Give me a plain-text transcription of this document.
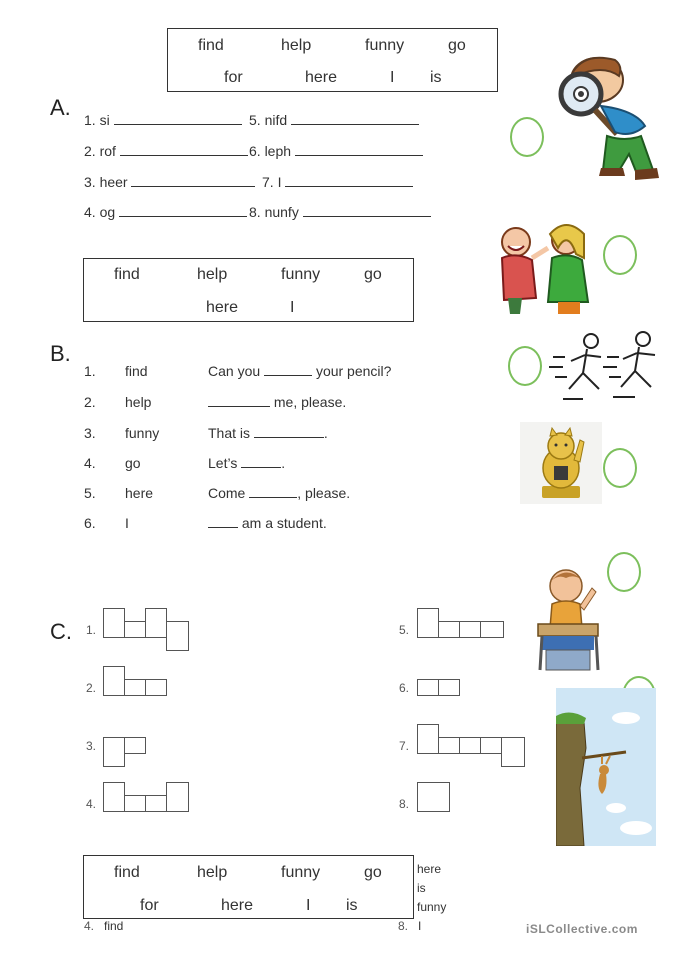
find	help	funny	go
for	here	I is
A. 1. si	5. nifd
2. rof	6. leph
3. heer	7. I
4. og	8. nunfy
find	help	funny	go
here	I
B.
1. find	Can you	your pencil?
2. help	me, please.
3. funny	That is	.
4. go	Let’s	.
5. here	Come	, please.
6. I	am a student.
C. 1.
2.
3.
4.
5.
6.
7.
8.
find	help	funny	go
for	here	I is
here
is
funny
4. find	8. I	iSLCollective.com
